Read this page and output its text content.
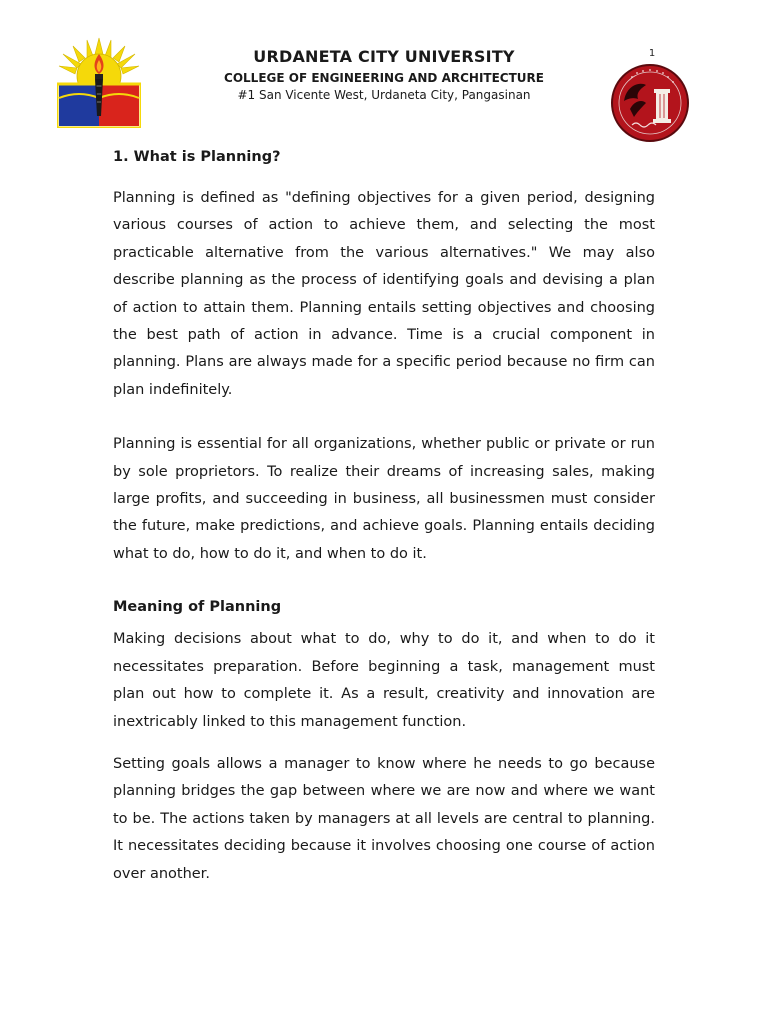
URDANETA CITY UNIVERSITY
COLLEGE OF ENGINEERING AND ARCHITECTURE
#1 San Vicente West, Urdaneta City, Pangasinan
1
1. What is Planning?

Planning is defined as "defining objectives for a given period, designing various courses of action to achieve them, and selecting the most practicable alternative from the various alternatives." We may also describe planning as the process of identifying goals and devising a plan of action to attain them. Planning entails setting objectives and choosing the best path of action in advance. Time is a crucial component in planning. Plans are always made for a specific period because no firm can plan indefinitely.

Planning is essential for all organizations, whether public or private or run by sole proprietors. To realize their dreams of increasing sales, making large profits, and succeeding in business, all businessmen must consider the future, make predictions, and achieve goals. Planning entails deciding what to do, how to do it, and when to do it.

Meaning of Planning

Making decisions about what to do, why to do it, and when to do it necessitates preparation. Before beginning a task, management must plan out how to complete it. As a result, creativity and innovation are inextricably linked to this management function.

Setting goals allows a manager to know where he needs to go because planning bridges the gap between where we are now and where we want to be. The actions taken by managers at all levels are central to planning. It necessitates deciding because it involves choosing one course of action over another.
